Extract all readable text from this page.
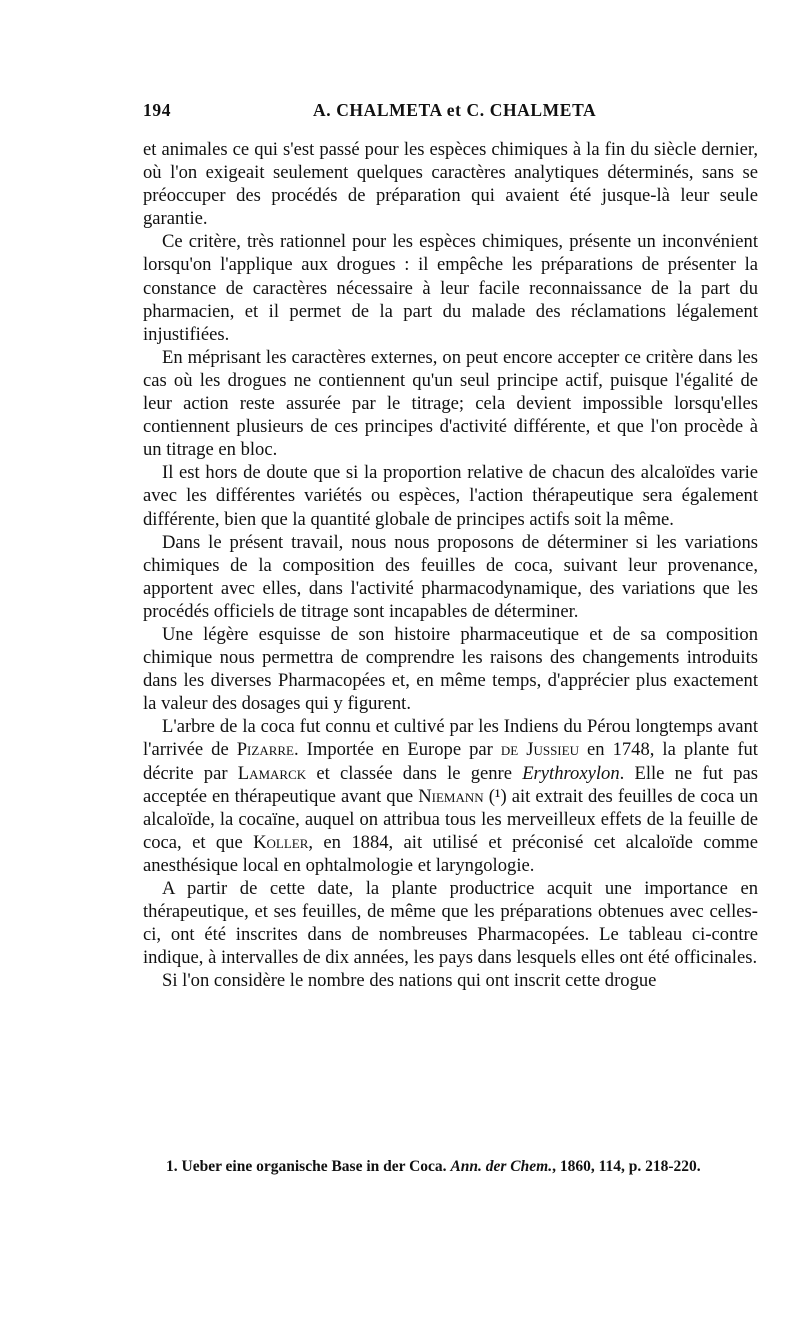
194	A. CHALMETA et C. CHALMETA

et animales ce qui s'est passé pour les espèces chimiques à la fin du siècle dernier, où l'on exigeait seulement quelques caractères analytiques déterminés, sans se préoccuper des procédés de préparation qui avaient été jusque-là leur seule garantie.

Ce critère, très rationnel pour les espèces chimiques, présente un inconvénient lorsqu'on l'applique aux drogues : il empêche les préparations de présenter la constance de caractères nécessaire à leur facile reconnaissance de la part du pharmacien, et il permet de la part du malade des réclamations légalement injustifiées.

En méprisant les caractères externes, on peut encore accepter ce critère dans les cas où les drogues ne contiennent qu'un seul principe actif, puisque l'égalité de leur action reste assurée par le titrage; cela devient impossible lorsqu'elles contiennent plusieurs de ces principes d'activité différente, et que l'on procède à un titrage en bloc.

Il est hors de doute que si la proportion relative de chacun des alcaloïdes varie avec les différentes variétés ou espèces, l'action thérapeutique sera également différente, bien que la quantité globale de principes actifs soit la même.

Dans le présent travail, nous nous proposons de déterminer si les variations chimiques de la composition des feuilles de coca, suivant leur provenance, apportent avec elles, dans l'activité pharmacodynamique, des variations que les procédés officiels de titrage sont incapables de déterminer.

Une légère esquisse de son histoire pharmaceutique et de sa composition chimique nous permettra de comprendre les raisons des changements introduits dans les diverses Pharmacopées et, en même temps, d'apprécier plus exactement la valeur des dosages qui y figurent.

L'arbre de la coca fut connu et cultivé par les Indiens du Pérou longtemps avant l'arrivée de Pizarre. Importée en Europe par de Jussieu en 1748, la plante fut décrite par Lamarck et classée dans le genre Erythroxylon. Elle ne fut pas acceptée en thérapeutique avant que Niemann (¹) ait extrait des feuilles de coca un alcaloïde, la cocaïne, auquel on attribua tous les merveilleux effets de la feuille de coca, et que Koller, en 1884, ait utilisé et préconisé cet alcaloïde comme anesthésique local en ophtalmologie et laryngologie.

A partir de cette date, la plante productrice acquit une importance en thérapeutique, et ses feuilles, de même que les préparations obtenues avec celles-ci, ont été inscrites dans de nombreuses Pharmacopées. Le tableau ci-contre indique, à intervalles de dix années, les pays dans lesquels elles ont été officinales.

Si l'on considère le nombre des nations qui ont inscrit cette drogue

1. Ueber eine organische Base in der Coca. Ann. der Chem., 1860, 114, p. 218-220.
